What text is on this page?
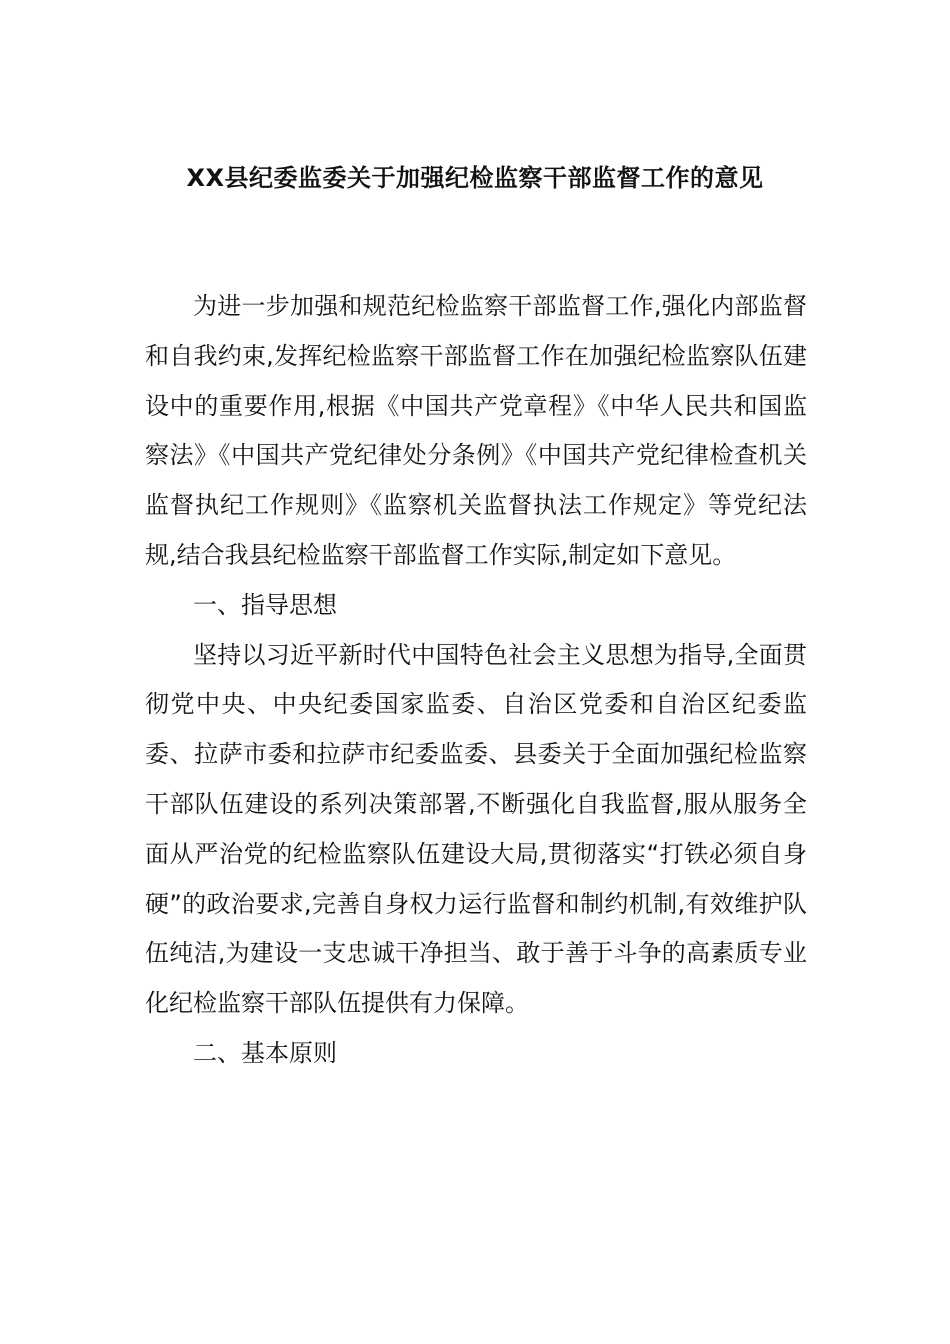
XX县纪委监委关于加强纪检监察干部监督工作的意见

为进一步加强和规范纪检监察干部监督工作,强化内部监督和自我约束,发挥纪检监察干部监督工作在加强纪检监察队伍建设中的重要作用,根据《中国共产党章程》《中华人民共和国监察法》《中国共产党纪律处分条例》《中国共产党纪律检查机关监督执纪工作规则》《监察机关监督执法工作规定》等党纪法规,结合我县纪检监察干部监督工作实际,制定如下意见。

一、指导思想

坚持以习近平新时代中国特色社会主义思想为指导,全面贯彻党中央、中央纪委国家监委、自治区党委和自治区纪委监委、拉萨市委和拉萨市纪委监委、县委关于全面加强纪检监察干部队伍建设的系列决策部署,不断强化自我监督,服从服务全面从严治党的纪检监察队伍建设大局,贯彻落实“打铁必须自身硬”的政治要求,完善自身权力运行监督和制约机制,有效维护队伍纯洁,为建设一支忠诚干净担当、敢于善于斗争的高素质专业化纪检监察干部队伍提供有力保障。

二、基本原则
